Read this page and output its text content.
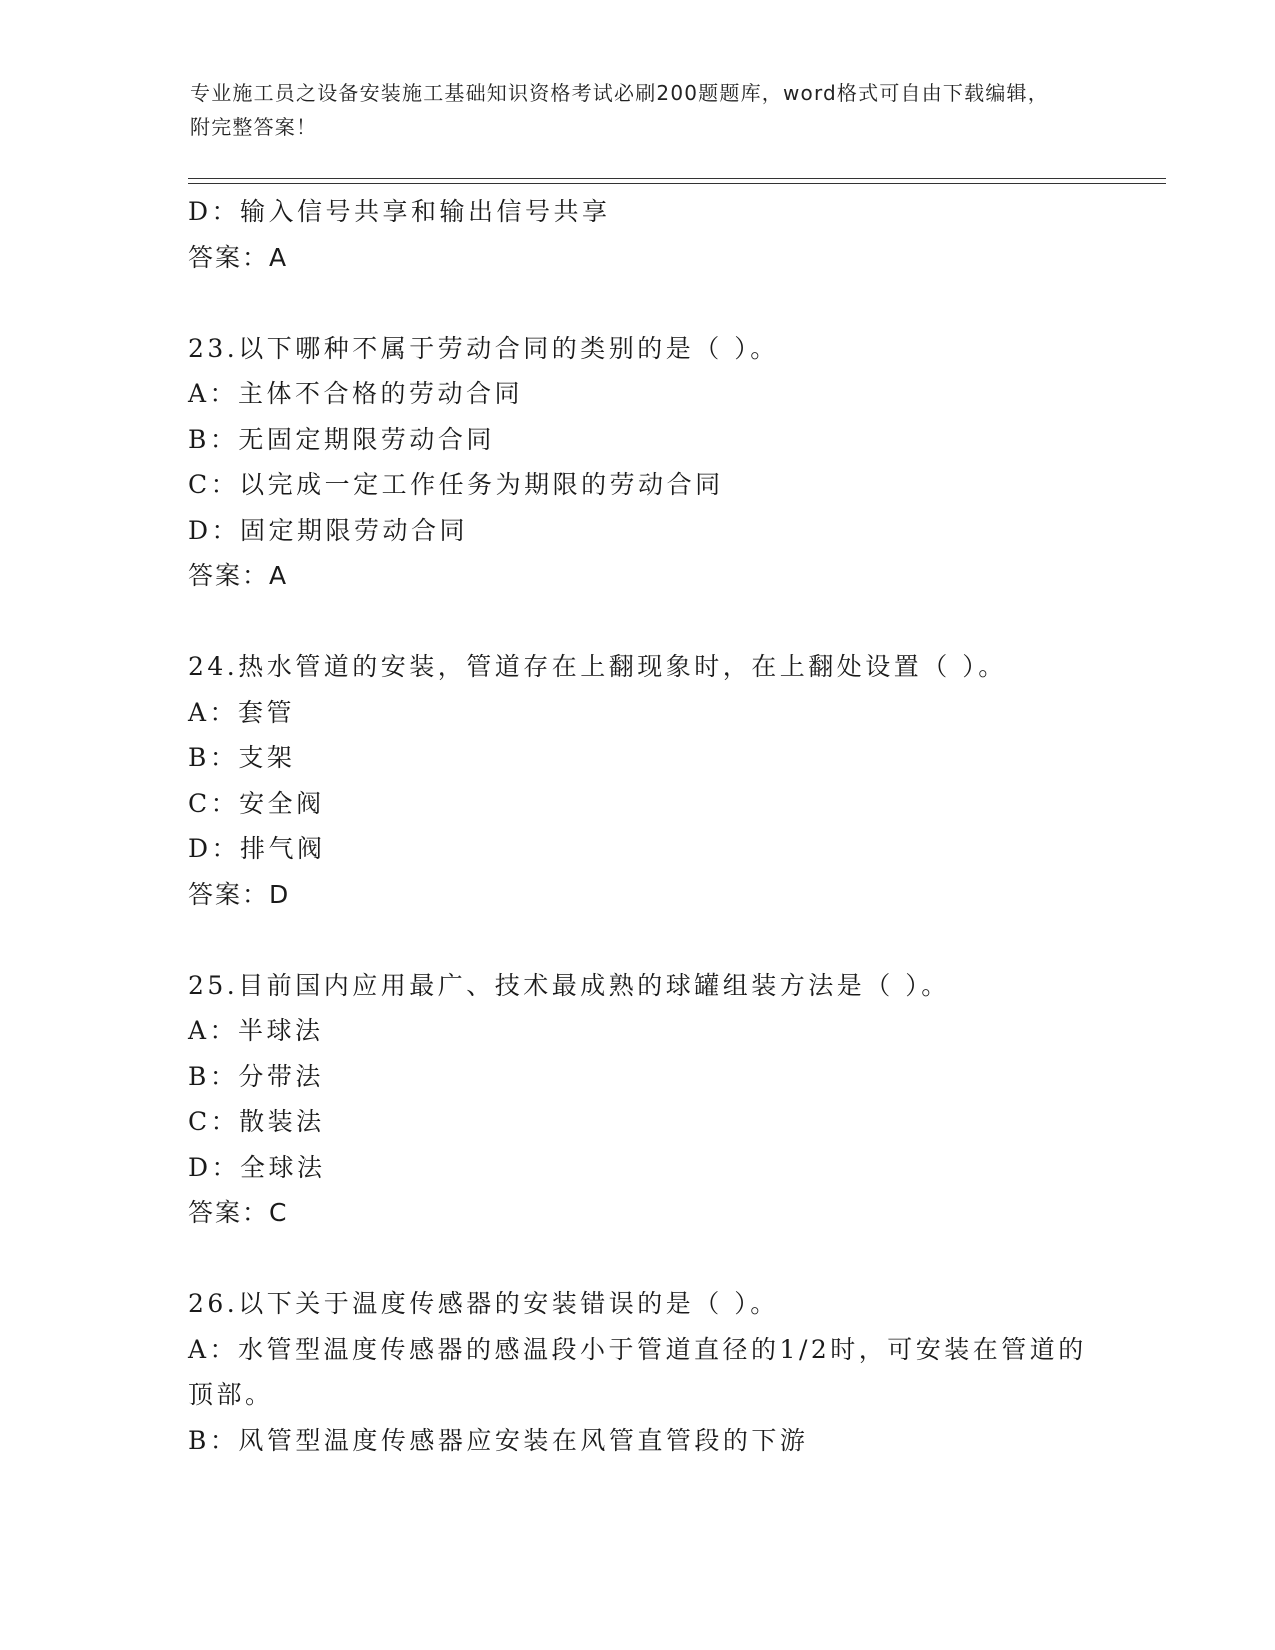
专业施工员之设备安装施工基础知识资格考试必刷200题题库，word格式可自由下载编辑，附完整答案！
D：输入信号共享和输出信号共享
答案：A
23.以下哪种不属于劳动合同的类别的是（ ）。
A：主体不合格的劳动合同
B：无固定期限劳动合同
C：以完成一定工作任务为期限的劳动合同
D：固定期限劳动合同
答案：A
24.热水管道的安装，管道存在上翻现象时，在上翻处设置（ ）。
A：套管
B：支架
C：安全阀
D：排气阀
答案：D
25.目前国内应用最广、技术最成熟的球罐组装方法是（ ）。
A：半球法
B：分带法
C：散装法
D：全球法
答案：C
26.以下关于温度传感器的安装错误的是（ ）。
A：水管型温度传感器的感温段小于管道直径的1/2时，可安装在管道的顶部。
B：风管型温度传感器应安装在风管直管段的下游
